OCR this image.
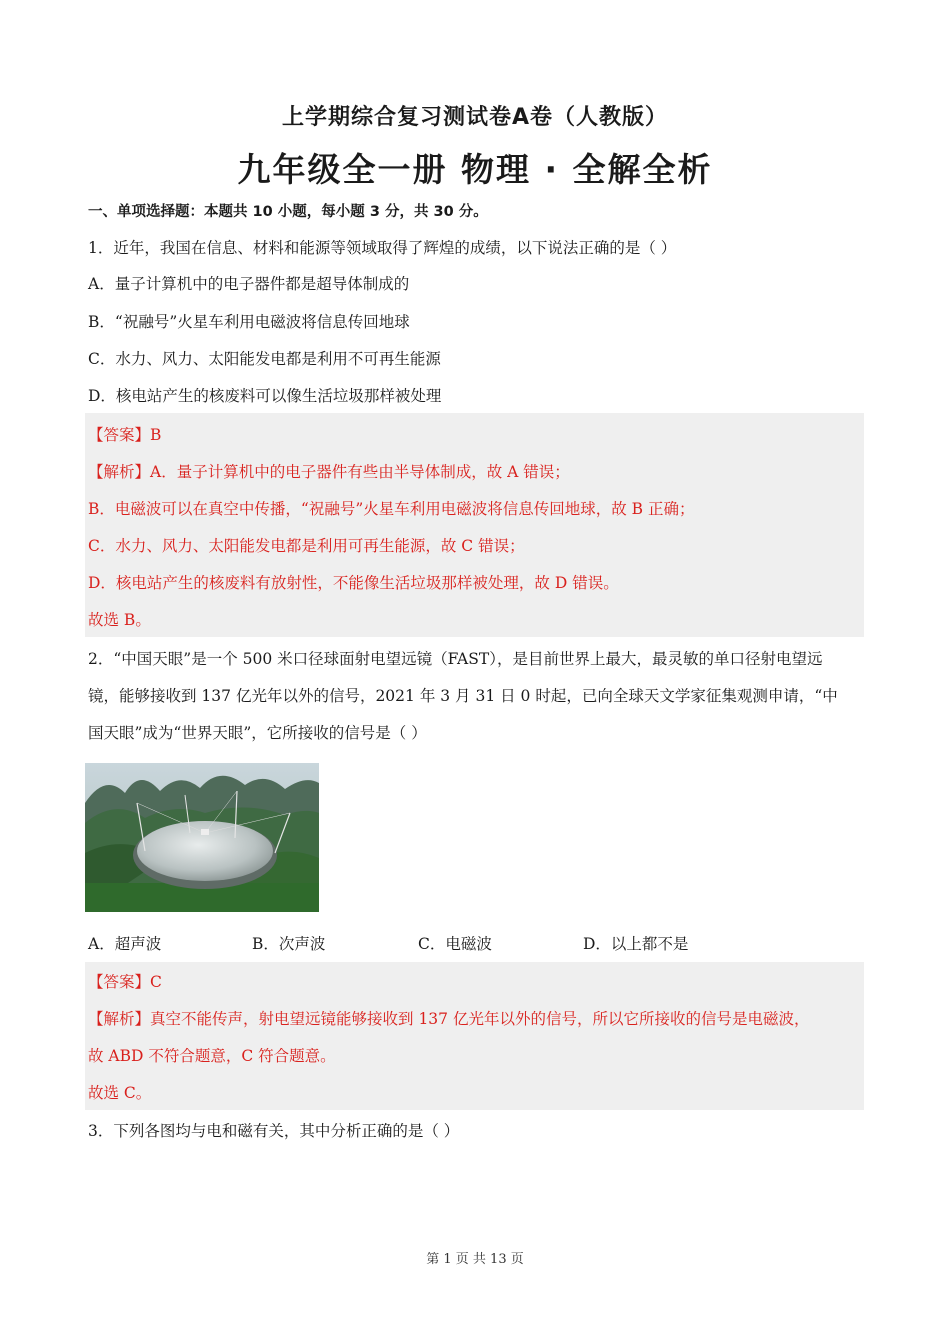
上学期综合复习测试卷A卷（人教版）
九年级全一册 物理 · 全解全析
一、单项选择题：本题共 10 小题，每小题 3 分，共 30 分。
1．近年，我国在信息、材料和能源等领域取得了辉煌的成绩，以下说法正确的是（ ）
A．量子计算机中的电子器件都是超导体制成的
B．“祝融号”火星车利用电磁波将信息传回地球
C．水力、风力、太阳能发电都是利用不可再生能源
D．核电站产生的核废料可以像生活垃圾那样被处理
【答案】B
【解析】A．量子计算机中的电子器件有些由半导体制成，故 A 错误；
B．电磁波可以在真空中传播，“祝融号”火星车利用电磁波将信息传回地球，故 B 正确；
C．水力、风力、太阳能发电都是利用可再生能源，故 C 错误；
D．核电站产生的核废料有放射性，不能像生活垃圾那样被处理，故 D 错误。
故选 B。
2．“中国天眼”是一个 500 米口径球面射电望远镜（FAST），是目前世界上最大，最灵敏的单口径射电望远
镜，能够接收到 137 亿光年以外的信号，2021 年 3 月 31 日 0 时起，已向全球天文学家征集观测申请，“中
国天眼”成为“世界天眼”，它所接收的信号是（ ）
A．超声波	B．次声波	C．电磁波	D．以上都不是
【答案】C
【解析】真空不能传声，射电望远镜能够接收到 137 亿光年以外的信号，所以它所接收的信号是电磁波，
故 ABD 不符合题意，C 符合题意。
故选 C。
3．下列各图均与电和磁有关，其中分析正确的是（ ）
第 1 页 共 13 页
